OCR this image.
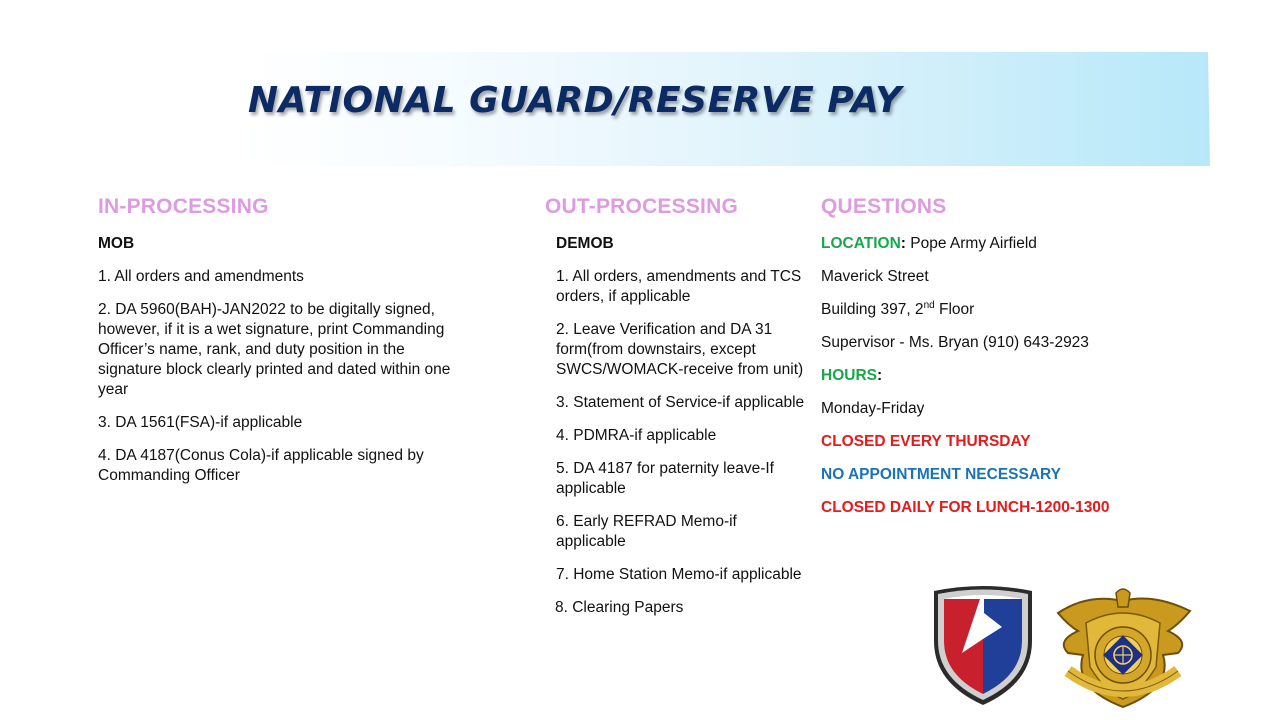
NATIONAL GUARD/RESERVE PAY
IN-PROCESSING
MOB
1. All orders and amendments
2. DA 5960(BAH)-JAN2022 to be digitally signed, however, if it is a wet signature, print Commanding Officer’s name, rank, and duty position in the signature block clearly printed and dated within one year
3. DA 1561(FSA)-if applicable
4. DA 4187(Conus Cola)-if applicable signed by Commanding Officer
OUT-PROCESSING
DEMOB
1. All orders, amendments and TCS orders, if applicable
2. Leave Verification and DA 31 form(from downstairs, except SWCS/WOMACK-receive from unit)
3. Statement of Service-if applicable
4. PDMRA-if applicable
5. DA 4187 for paternity leave-If applicable
6. Early REFRAD Memo-if applicable
7. Home Station Memo-if applicable
8. Clearing Papers
QUESTIONS
LOCATION: Pope Army Airfield
Maverick Street
Building 397, 2nd Floor
Supervisor - Ms. Bryan (910) 643-2923
HOURS:
Monday-Friday
CLOSED EVERY THURSDAY
NO APPOINTMENT NECESSARY
CLOSED DAILY FOR LUNCH-1200-1300
